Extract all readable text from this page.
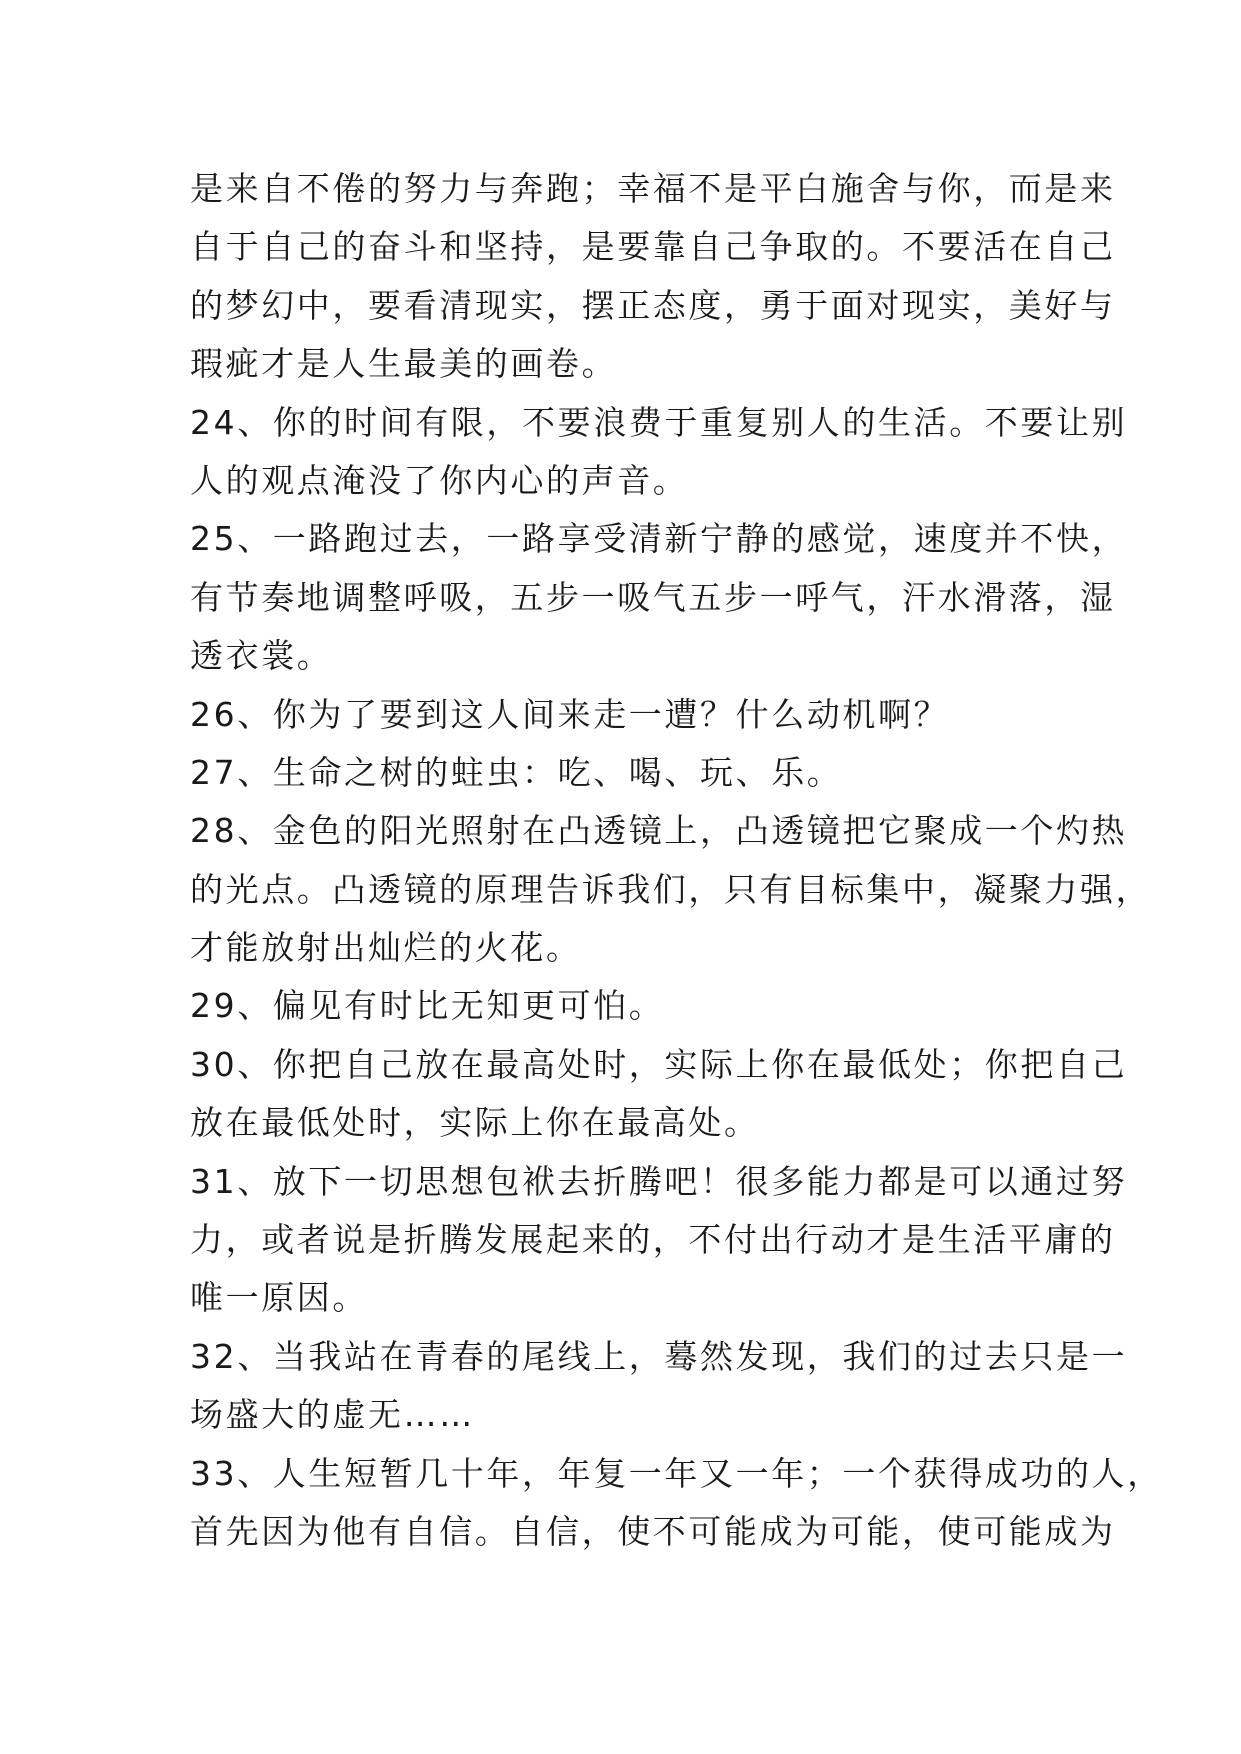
是来自不倦的努力与奔跑；幸福不是平白施舍与你，而是来
自于自己的奋斗和坚持，是要靠自己争取的。不要活在自己
的梦幻中，要看清现实，摆正态度，勇于面对现实，美好与
瑕疵才是人生最美的画卷。
24、你的时间有限，不要浪费于重复别人的生活。不要让别
人的观点淹没了你内心的声音。
25、一路跑过去，一路享受清新宁静的感觉，速度并不快，
有节奏地调整呼吸，五步一吸气五步一呼气，汗水滑落，湿
透衣裳。
26、你为了要到这人间来走一遭？什么动机啊？
27、生命之树的蛀虫：吃、喝、玩、乐。
28、金色的阳光照射在凸透镜上，凸透镜把它聚成一个灼热
的光点。凸透镜的原理告诉我们，只有目标集中，凝聚力强，
才能放射出灿烂的火花。
29、偏见有时比无知更可怕。
30、你把自己放在最高处时，实际上你在最低处；你把自己
放在最低处时，实际上你在最高处。
31、放下一切思想包袱去折腾吧！很多能力都是可以通过努
力，或者说是折腾发展起来的，不付出行动才是生活平庸的
唯一原因。
32、当我站在青春的尾线上，蓦然发现，我们的过去只是一
场盛大的虚无……
33、人生短暂几十年，年复一年又一年；一个获得成功的人，
首先因为他有自信。自信，使不可能成为可能，使可能成为
